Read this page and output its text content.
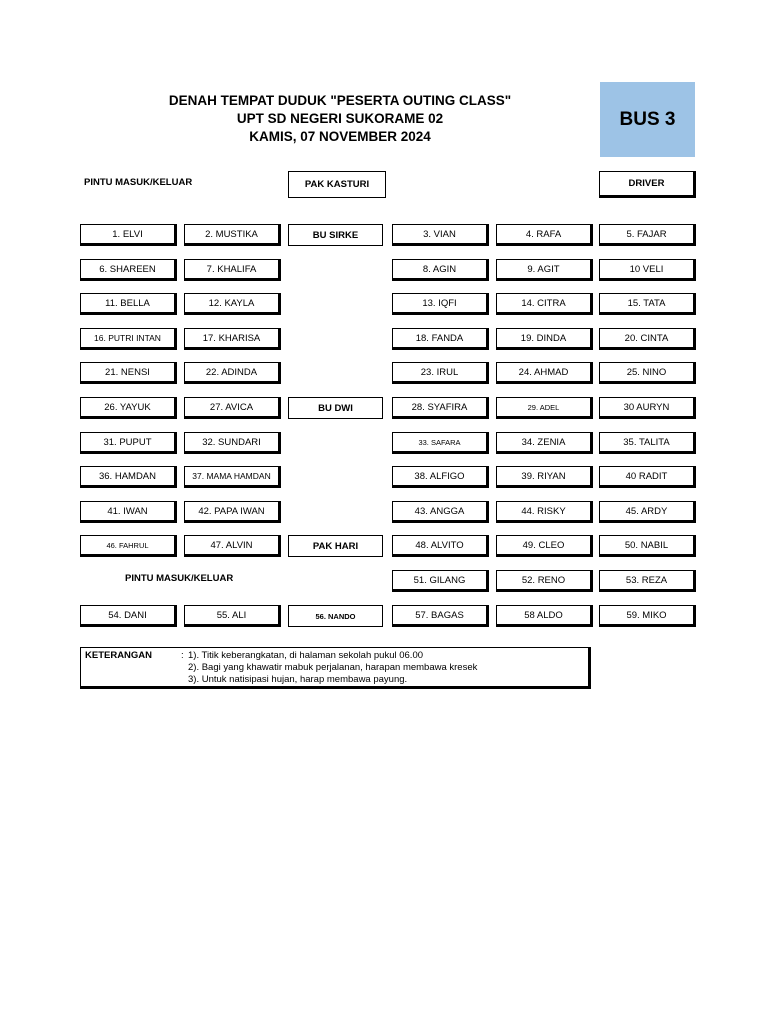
DENAH TEMPAT DUDUK "PESERTA OUTING CLASS"
UPT SD NEGERI SUKORAME 02
KAMIS, 07 NOVEMBER 2024
BUS 3
PINTU MASUK/KELUAR	PAK KASTURI	DRIVER
1. ELVI	2. MUSTIKA	BU SIRKE	3. VIAN	4. RAFA	5. FAJAR
6. SHAREEN	7. KHALIFA	8. AGIN	9. AGIT	10 VELI
11. BELLA	12. KAYLA	13. IQFI	14. CITRA	15. TATA
16. PUTRI INTAN	17. KHARISA	18. FANDA	19. DINDA	20. CINTA
21. NENSI	22. ADINDA	23. IRUL	24. AHMAD	25. NINO
26. YAYUK	27. AVICA	BU DWI	28. SYAFIRA	29. ADEL	30 AURYN
31. PUPUT	32. SUNDARI	33. SAFARA	34. ZENIA	35. TALITA
36. HAMDAN	37. MAMA HAMDAN	38. ALFIGO	39. RIYAN	40 RADIT
41. IWAN	42. PAPA IWAN	43. ANGGA	44. RISKY	45. ARDY
46. FAHRUL	47. ALVIN	PAK HARI	48. ALVITO	49. CLEO	50. NABIL
51. GILANG	52. RENO	53. REZA
54. DANI	55. ALI	56. NANDO	57. BAGAS	58 ALDO	59. MIKO
PINTU MASUK/KELUAR
KETERANGAN	: 1). Titik keberangkatan, di halaman sekolah pukul 06.00
2). Bagi yang khawatir mabuk perjalanan, harapan membawa kresek
3). Untuk natisipasi hujan, harap membawa payung.
